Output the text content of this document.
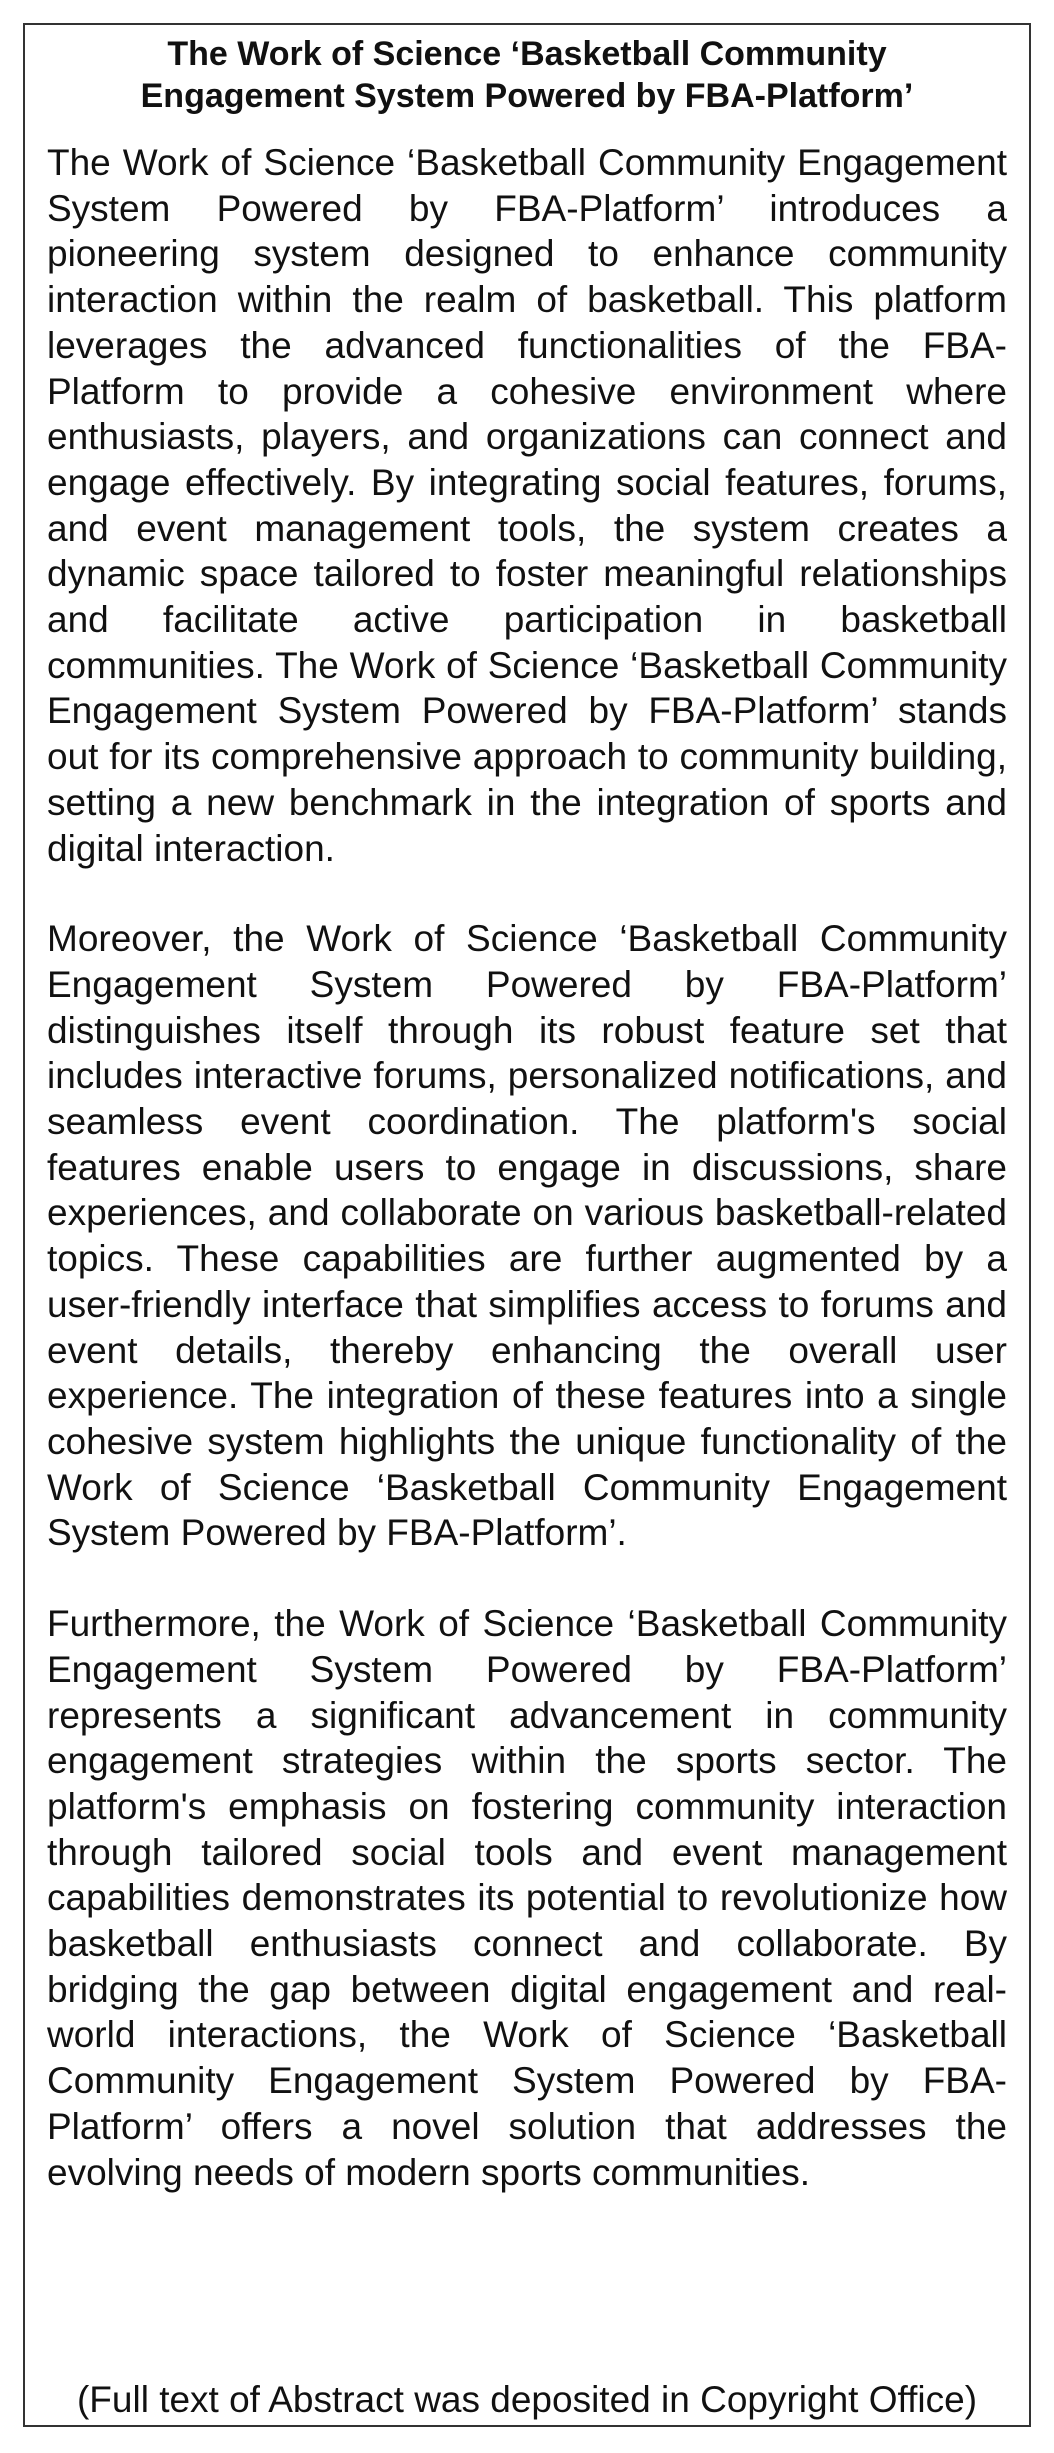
The Work of Science ‘Basketball Community
Engagement System Powered by FBA-Platform’

The Work of Science ‘Basketball Community Engagement System Powered by FBA-Platform’ introduces a pioneering system designed to enhance community interaction within the realm of basketball. This platform leverages the advanced functionalities of the FBA-Platform to provide a cohesive environment where enthusiasts, players, and organizations can connect and engage effectively. By integrating social features, forums, and event management tools, the system creates a dynamic space tailored to foster meaningful relationships and facilitate active participation in basketball communities. The Work of Science ‘Basketball Community Engagement System Powered by FBA-Platform’ stands out for its comprehensive approach to community building, setting a new benchmark in the integration of sports and digital interaction.

Moreover, the Work of Science ‘Basketball Community Engagement System Powered by FBA-Platform’ distinguishes itself through its robust feature set that includes interactive forums, personalized notifications, and seamless event coordination. The platform's social features enable users to engage in discussions, share experiences, and collaborate on various basketball-related topics. These capabilities are further augmented by a user-friendly interface that simplifies access to forums and event details, thereby enhancing the overall user experience. The integration of these features into a single cohesive system highlights the unique functionality of the Work of Science ‘Basketball Community Engagement System Powered by FBA-Platform’.

Furthermore, the Work of Science ‘Basketball Community Engagement System Powered by FBA-Platform’ represents a significant advancement in community engagement strategies within the sports sector. The platform's emphasis on fostering community interaction through tailored social tools and event management capabilities demonstrates its potential to revolutionize how basketball enthusiasts connect and collaborate. By bridging the gap between digital engagement and real-world interactions, the Work of Science ‘Basketball Community Engagement System Powered by FBA-Platform’ offers a novel solution that addresses the evolving needs of modern sports communities.

(Full text of Abstract was deposited in Copyright Office)
